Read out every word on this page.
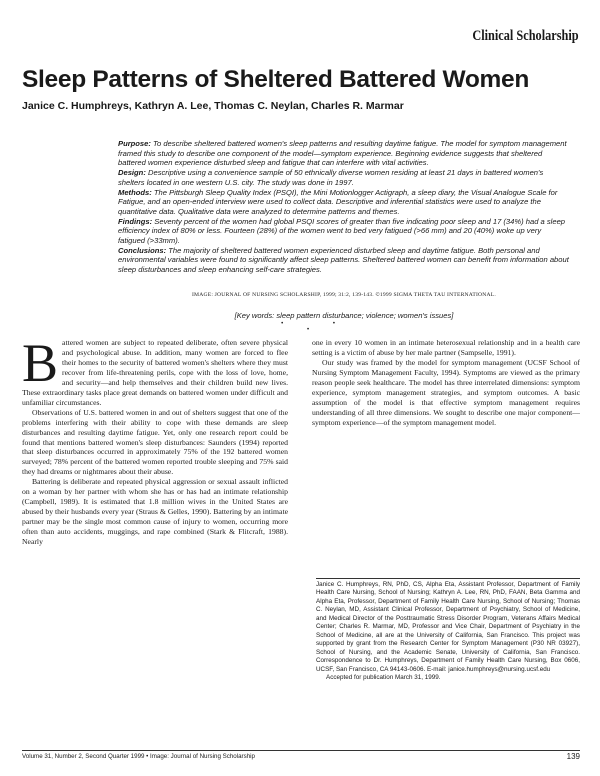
Clinical Scholarship
Sleep Patterns of Sheltered Battered Women
Janice C. Humphreys, Kathryn A. Lee, Thomas C. Neylan, Charles R. Marmar

Purpose: To describe sheltered battered women's sleep patterns and resulting daytime fatigue. The model for symptom management framed this study to describe one component of the model—symptom experience. Beginning evidence suggests that sheltered battered women experience disturbed sleep and fatigue that can interfere with vital activities.

Design: Descriptive using a convenience sample of 50 ethnically diverse women residing at least 21 days in battered women's shelters located in one western U.S. city. The study was done in 1997.

Methods: The Pittsburgh Sleep Quality Index (PSQI), the Mini Motionlogger Actigraph, a sleep diary, the Visual Analogue Scale for Fatigue, and an open-ended interview were used to collect data. Descriptive and inferential statistics were used to analyze the quantitative data. Qualitative data were analyzed to determine patterns and themes.

Findings: Seventy percent of the women had global PSQI scores of greater than five indicating poor sleep and 17 (34%) had a sleep efficiency index of 80% or less. Fourteen (28%) of the women went to bed very fatigued (>66 mm) and 20 (40%) woke up very fatigued (>33mm).

Conclusions: The majority of sheltered battered women experienced disturbed sleep and daytime fatigue. Both personal and environmental variables were found to significantly affect sleep patterns. Sheltered battered women can benefit from information about sleep disturbances and sleep enhancing self-care strategies.

IMAGE: JOURNAL OF NURSING SCHOLARSHIP, 1999; 31:2, 139-143. ©1999 SIGMA THETA TAU INTERNATIONAL.
[Key words: sleep pattern disturbance; violence; women's issues]
• • •

Battered women are subject to repeated deliberate, often severe physical and psychological abuse. In addition, many women are forced to flee their homes to the security of battered women's shelters where they must recover from life-threatening perils, cope with the loss of love, home, and security—and help themselves and their children build new lives. These extraordinary tasks place great demands on battered women under difficult and unfamiliar circumstances.

Observations of U.S. battered women in and out of shelters suggest that one of the problems interfering with their ability to cope with these demands are sleep disturbances and resulting daytime fatigue. Yet, only one research report could be found that mentions battered women's sleep disturbances: Saunders (1994) reported that sleep disturbances occurred in approximately 75% of the 192 battered women surveyed; 78% percent of the battered women reported trouble sleeping and 75% said they had dreams or nightmares about their abuse.

Battering is deliberate and repeated physical aggression or sexual assault inflicted on a woman by her partner with whom she has or has had an intimate relationship (Campbell, 1989). It is estimated that 1.8 million wives in the United States are abused by their husbands every year (Straus & Gelles, 1990). Battering by an intimate partner may be the single most common cause of injury to women, occurring more often than auto accidents, muggings, and rape combined (Stark & Flitcraft, 1988). Nearly

one in every 10 women in an intimate heterosexual relationship and in a health care setting is a victim of abuse by her male partner (Sampselle, 1991).

Our study was framed by the model for symptom management (UCSF School of Nursing Symptom Management Faculty, 1994). Symptoms are viewed as the primary reason people seek healthcare. The model has three interrelated dimensions: symptom experience, symptom management strategies, and symptom outcomes. A basic assumption of the model is that effective symptom management requires understanding of all three dimensions. We sought to describe one major component—symptom experience—of the symptom management model.

Janice C. Humphreys, RN, PhD, CS, Alpha Eta, Assistant Professor, Department of Family Health Care Nursing, School of Nursing; Kathryn A. Lee, RN, PhD, FAAN, Beta Gamma and Alpha Eta, Professor, Department of Family Health Care Nursing, School of Nursing; Thomas C. Neylan, MD, Assistant Clinical Professor, Department of Psychiatry, School of Medicine, and Medical Director of the Posttraumatic Stress Disorder Program, Veterans Affairs Medical Center; Charles R. Marmar, MD, Professor and Vice Chair, Department of Psychiatry in the School of Medicine, all are at the University of California, San Francisco. This project was supported by grant from the Research Center for Symptom Management (P30 NR 03927), School of Nursing, and the Academic Senate, University of California, San Francisco. Correspondence to Dr. Humphreys, Department of Family Health Care Nursing, Box 0606, UCSF, San Francisco, CA 94143-0606. E-mail: janice.humphreys@nursing.ucsf.edu
Accepted for publication March 31, 1999.
Volume 31, Number 2, Second Quarter 1999 • Image: Journal of Nursing Scholarship	139
